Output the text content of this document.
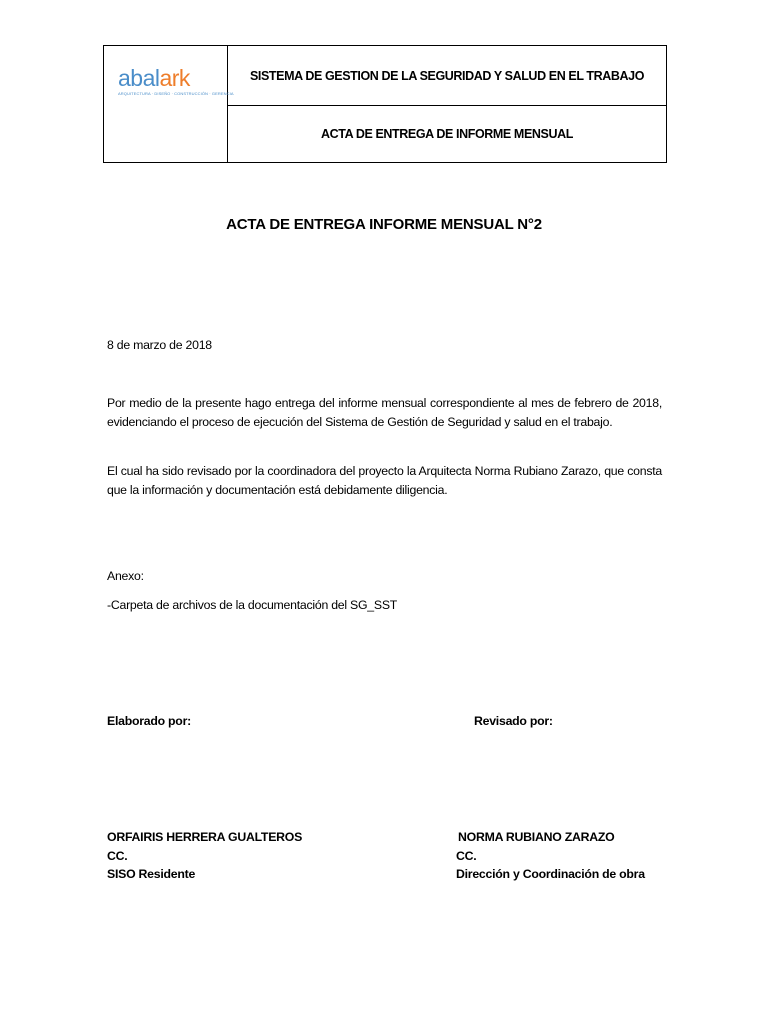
abalark
ARQUITECTURA · DISEÑO · CONSTRUCCIÓN · GERENCIA
SISTEMA DE GESTION DE LA SEGURIDAD Y SALUD EN EL TRABAJO
ACTA DE ENTREGA DE INFORME MENSUAL
ACTA DE ENTREGA INFORME MENSUAL N°2
8 de marzo de 2018
Por medio de la presente hago entrega del informe mensual correspondiente al mes de febrero de 2018, evidenciando el proceso de ejecución del Sistema de Gestión de Seguridad y salud en el trabajo.
El cual ha sido revisado por la coordinadora del proyecto la Arquitecta Norma Rubiano Zarazo, que consta que la información y documentación está debidamente diligencia.
Anexo:
-Carpeta de archivos de la documentación del SG_SST
Elaborado por:	Revisado por:
ORFAIRIS HERRERA GUALTEROS
CC.
SISO Residente
NORMA RUBIANO ZARAZO
CC.
Dirección y Coordinación de obra
